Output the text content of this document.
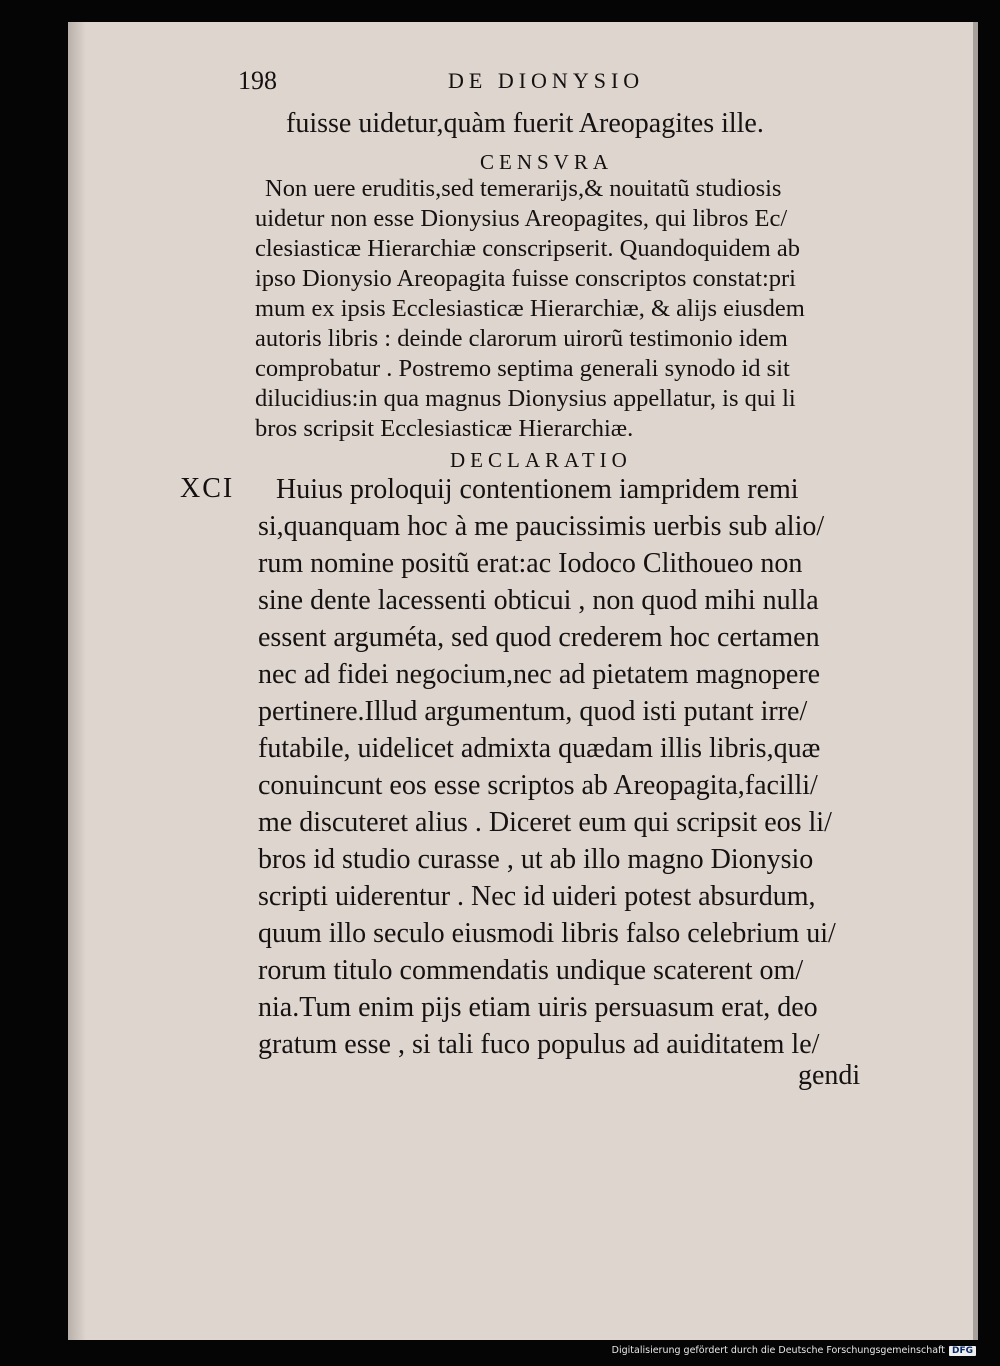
198	DE DIONYSIO
fuisse uidetur,quàm fuerit Areopagites ille.
CENSVRA
Non uere eruditis,sed temerarijs,& nouitatũ studiosis
uidetur non esse Dionysius Areopagites, qui libros Ec/
clesiasticæ Hierarchiæ conscripserit. Quandoquidem ab
ipso Dionysio Areopagita fuisse conscriptos constat:pri
mum ex ipsis Ecclesiasticæ Hierarchiæ, & alijs eiusdem
autoris libris : deinde clarorum uirorũ testimonio idem
comprobatur . Postremo septima generali synodo id sit
dilucidius:in qua magnus Dionysius appellatur, is qui li
bros scripsit Ecclesiasticæ Hierarchiæ.
DECLARATIO
XCI Huius proloquij contentionem iampridem remi
si,quanquam hoc à me paucissimis uerbis sub alio/
rum nomine positũ erat:ac Iodoco Clithoueo non
sine dente lacessenti obticui , non quod mihi nulla
essent arguméta, sed quod crederem hoc certamen
nec ad fidei negocium,nec ad pietatem magnopere
pertinere.Illud argumentum, quod isti putant irre/
futabile, uidelicet admixta quædam illis libris,quæ
conuincunt eos esse scriptos ab Areopagita,facilli/
me discuteret alius . Diceret eum qui scripsit eos li/
bros id studio curasse , ut ab illo magno Dionysio
scripti uiderentur . Nec id uideri potest absurdum,
quum illo seculo eiusmodi libris falso celebrium ui/
rorum titulo commendatis undique scaterent om/
nia.Tum enim pijs etiam uiris persuasum erat, deo
gratum esse , si tali fuco populus ad auiditatem le/
gendi
Digitalisierung gefördert durch die Deutsche Forschungsgemeinschaft DFG
